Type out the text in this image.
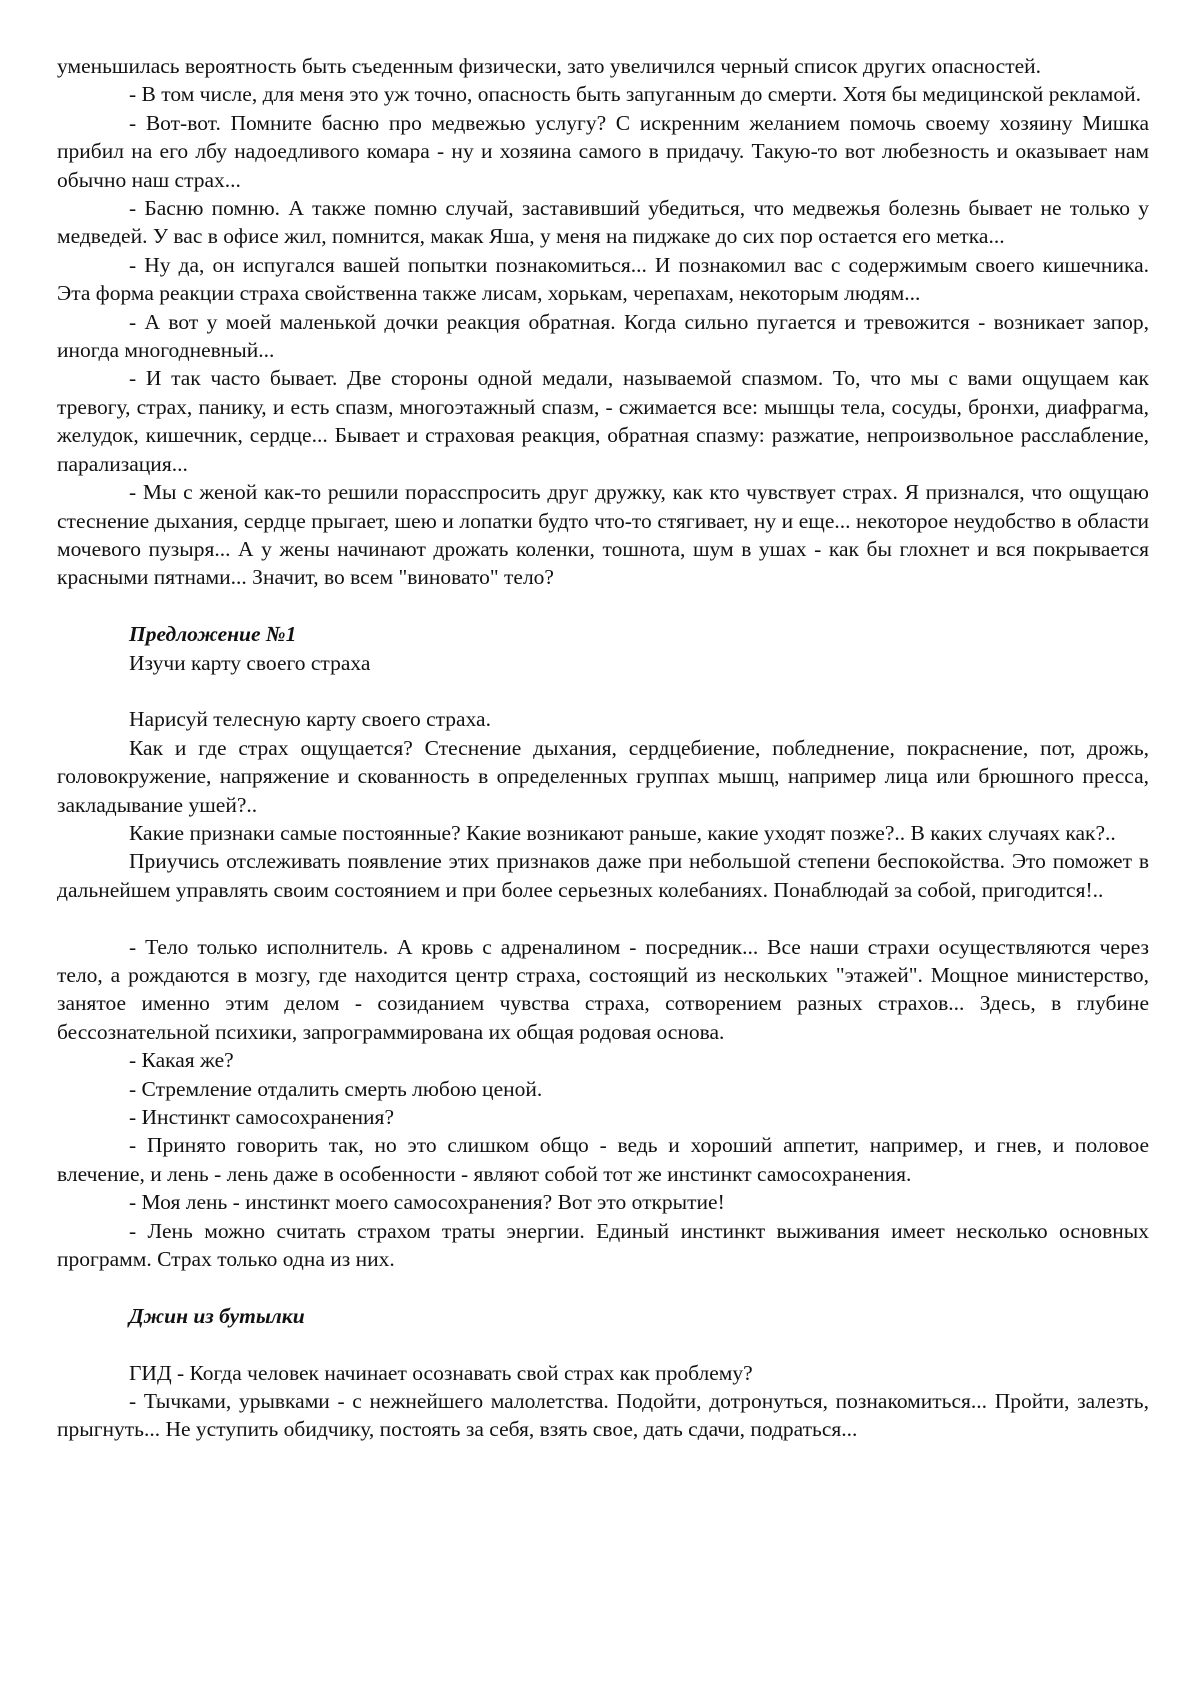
уменьшилась вероятность быть съеденным физически, зато увеличился черный список других опасностей.

- В том числе, для меня это уж точно, опасность быть запуганным до смерти. Хотя бы медицинской рекламой.

- Вот-вот. Помните басню про медвежью услугу? С искренним желанием помочь своему хозяину Мишка прибил на его лбу надоедливого комара - ну и хозяина самого в придачу. Такую-то вот любезность и оказывает нам обычно наш страх...

- Басню помню. А также помню случай, заставивший убедиться, что медвежья болезнь бывает не только у медведей. У вас в офисе жил, помнится, макак Яша, у меня на пиджаке до сих пор остается его метка...

- Ну да, он испугался вашей попытки познакомиться... И познакомил вас с содержимым своего кишечника. Эта форма реакции страха свойственна также лисам, хорькам, черепахам, некоторым людям...

- А вот у моей маленькой дочки реакция обратная. Когда сильно пугается и тревожится - возникает запор, иногда многодневный...

- И так часто бывает. Две стороны одной медали, называемой спазмом. То, что мы с вами ощущаем как тревогу, страх, панику, и есть спазм, многоэтажный спазм, - сжимается все: мышцы тела, сосуды, бронхи, диафрагма, желудок, кишечник, сердце... Бывает и страховая реакция, обратная спазму: разжатие, непроизвольное расслабление, парализация...

- Мы с женой как-то решили порасспросить друг дружку, как кто чувствует страх. Я признался, что ощущаю стеснение дыхания, сердце прыгает, шею и лопатки будто что-то стягивает, ну и еще... некоторое неудобство в области мочевого пузыря... А у жены начинают дрожать коленки, тошнота, шум в ушах - как бы глохнет и вся покрывается красными пятнами... Значит, во всем "виновато" тело?

Предложение №1

Изучи карту своего страха

Нарисуй телесную карту своего страха.

Как и где страх ощущается? Стеснение дыхания, сердцебиение, побледнение, покраснение, пот, дрожь, головокружение, напряжение и скованность в определенных группах мышц, например лица или брюшного пресса, закладывание ушей?..

Какие признаки самые постоянные? Какие возникают раньше, какие уходят позже?.. В каких случаях как?..

Приучись отслеживать появление этих признаков даже при небольшой степени беспокойства. Это поможет в дальнейшем управлять своим состоянием и при более серьезных колебаниях. Понаблюдай за собой, пригодится!..

- Тело только исполнитель. А кровь с адреналином - посредник... Все наши страхи осуществляются через тело, а рождаются в мозгу, где находится центр страха, состоящий из нескольких "этажей". Мощное министерство, занятое именно этим делом - созиданием чувства страха, сотворением разных страхов... Здесь, в глубине бессознательной психики, запрограммирована их общая родовая основа.

- Какая же?

- Стремление отдалить смерть любою ценой.

- Инстинкт самосохранения?

- Принято говорить так, но это слишком общо - ведь и хороший аппетит, например, и гнев, и половое влечение, и лень - лень даже в особенности - являют собой тот же инстинкт самосохранения.

- Моя лень - инстинкт моего самосохранения? Вот это открытие!

- Лень можно считать страхом траты энергии. Единый инстинкт выживания имеет несколько основных программ. Страх только одна из них.

Джин из бутылки

ГИД - Когда человек начинает осознавать свой страх как проблему?

- Тычками, урывками - с нежнейшего малолетства. Подойти, дотронуться, познакомиться... Пройти, залезть, прыгнуть... Не уступить обидчику, постоять за себя, взять свое, дать сдачи, подраться...
